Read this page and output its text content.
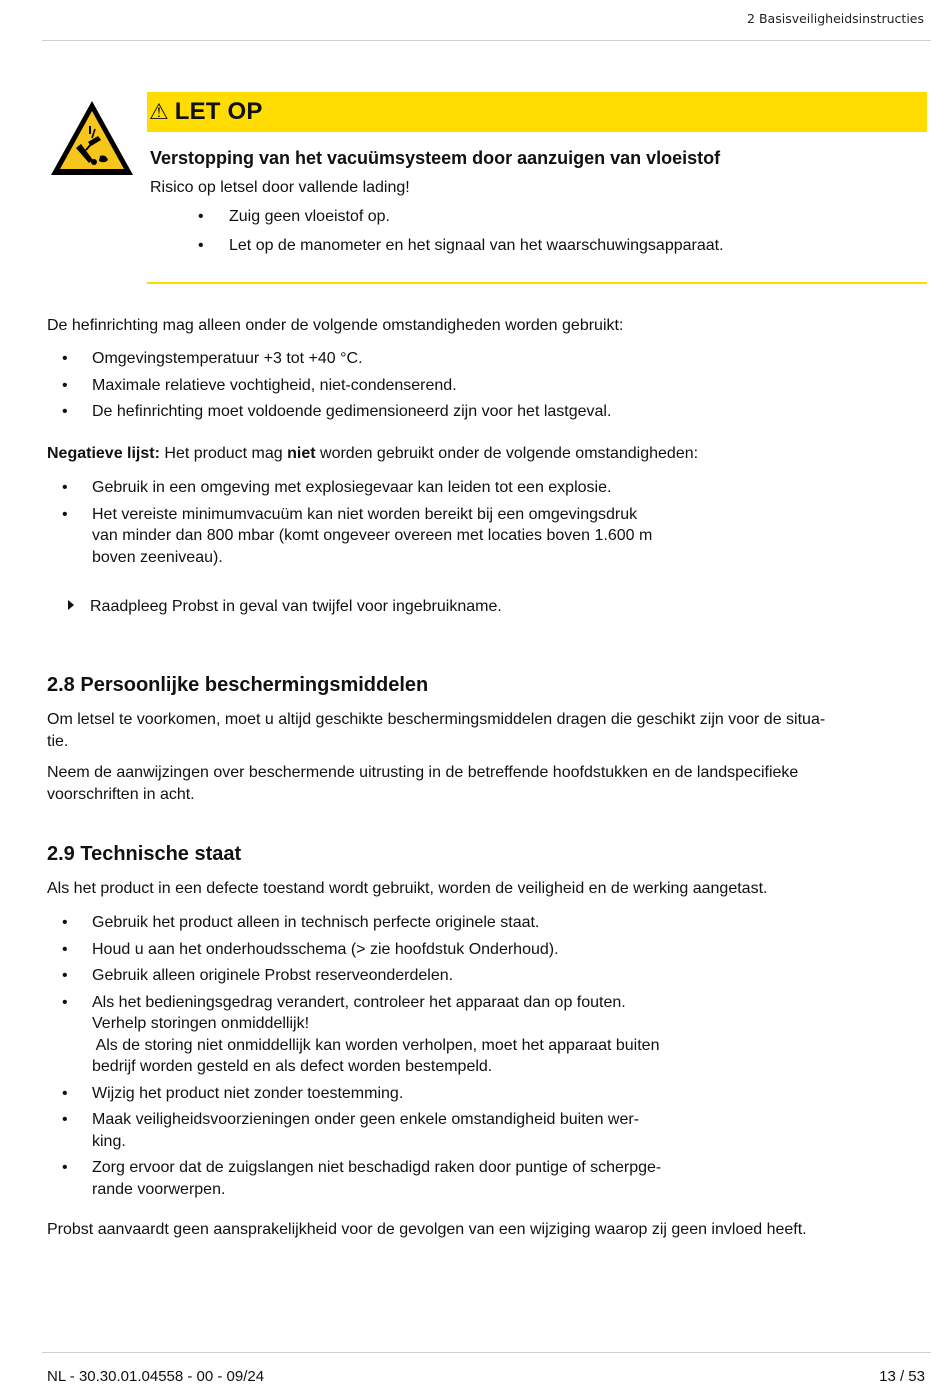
2 Basisveiligheidsinstructies
⚠ LET OP
Verstopping van het vacuümsysteem door aanzuigen van vloeistof
Risico op letsel door vallende lading!
• Zuig geen vloeistof op.
• Let op de manometer en het signaal van het waarschuwingsapparaat.

De hefinrichting mag alleen onder de volgende omstandigheden worden gebruikt:

• Omgevingstemperatuur +3 tot +40 °C.
• Maximale relatieve vochtigheid, niet-condenserend.
• De hefinrichting moet voldoende gedimensioneerd zijn voor het lastgeval.

Negatieve lijst: Het product mag niet worden gebruikt onder de volgende omstandigheden:

• Gebruik in een omgeving met explosiegevaar kan leiden tot een explosie.
• Het vereiste minimumvacuüm kan niet worden bereikt bij een omgevingsdruk
van minder dan 800 mbar (komt ongeveer overeen met locaties boven 1.600 m
boven zeeniveau).
Raadpleeg Probst in geval van twijfel voor ingebruikname.
2.8 Persoonlijke beschermingsmiddelen

Om letsel te voorkomen, moet u altijd geschikte beschermingsmiddelen dragen die geschikt zijn voor de situa-
tie.

Neem de aanwijzingen over beschermende uitrusting in de betreffende hoofdstukken en de landspecifieke
voorschriften in acht.

2.9 Technische staat

Als het product in een defecte toestand wordt gebruikt, worden de veiligheid en de werking aangetast.

• Gebruik het product alleen in technisch perfecte originele staat.
• Houd u aan het onderhoudsschema (> zie hoofdstuk Onderhoud).
• Gebruik alleen originele Probst reserveonderdelen.
• Als het bedieningsgedrag verandert, controleer het apparaat dan op fouten.
Verhelp storingen onmiddellijk!
Als de storing niet onmiddellijk kan worden verholpen, moet het apparaat buiten
bedrijf worden gesteld en als defect worden bestempeld.
• Wijzig het product niet zonder toestemming.
• Maak veiligheidsvoorzieningen onder geen enkele omstandigheid buiten wer-
king.
• Zorg ervoor dat de zuigslangen niet beschadigd raken door puntige of scherpge-
rande voorwerpen.

Probst aanvaardt geen aansprakelijkheid voor de gevolgen van een wijziging waarop zij geen invloed heeft.

NL - 30.30.01.04558 - 00 - 09/24	13 / 53
